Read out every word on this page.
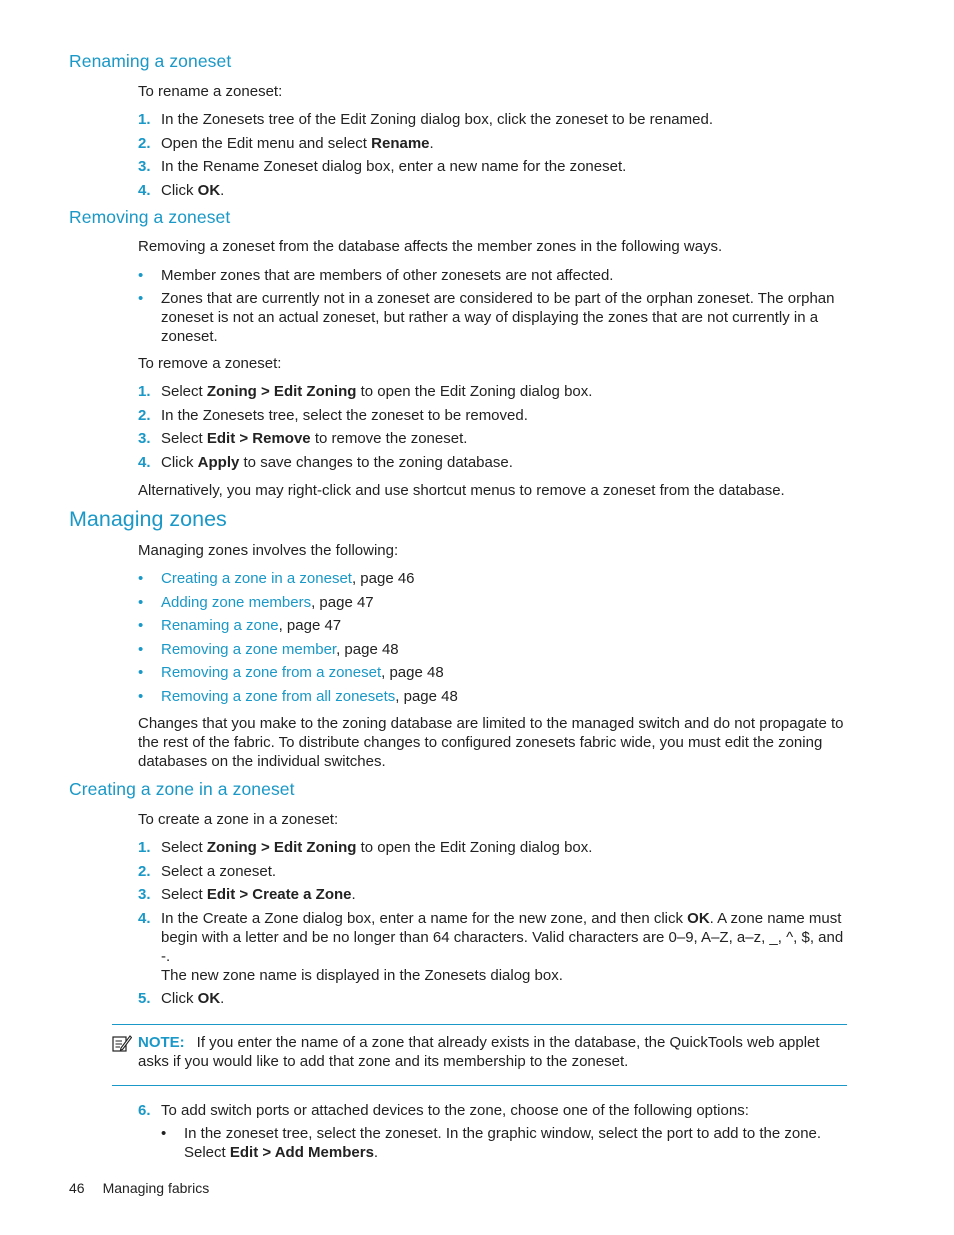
Renaming a zoneset

To rename a zoneset:

1. In the Zonesets tree of the Edit Zoning dialog box, click the zoneset to be renamed.
2. Open the Edit menu and select Rename.
3. In the Rename Zoneset dialog box, enter a new name for the zoneset.
4. Click OK.
Removing a zoneset

Removing a zoneset from the database affects the member zones in the following ways.

• Member zones that are members of other zonesets are not affected.
• Zones that are currently not in a zoneset are considered to be part of the orphan zoneset. The orphan zoneset is not an actual zoneset, but rather a way of displaying the zones that are not currently in a zoneset.

To remove a zoneset:

1. Select Zoning > Edit Zoning to open the Edit Zoning dialog box.
2. In the Zonesets tree, select the zoneset to be removed.
3. Select Edit > Remove to remove the zoneset.
4. Click Apply to save changes to the zoning database.

Alternatively, you may right-click and use shortcut menus to remove a zoneset from the database.

Managing zones

Managing zones involves the following:

• Creating a zone in a zoneset, page 46
• Adding zone members, page 47
• Renaming a zone, page 47
• Removing a zone member, page 48
• Removing a zone from a zoneset, page 48
• Removing a zone from all zonesets, page 48

Changes that you make to the zoning database are limited to the managed switch and do not propagate to the rest of the fabric. To distribute changes to configured zonesets fabric wide, you must edit the zoning databases on the individual switches.

Creating a zone in a zoneset

To create a zone in a zoneset:

1. Select Zoning > Edit Zoning to open the Edit Zoning dialog box.
2. Select a zoneset.
3. Select Edit > Create a Zone.
4. In the Create a Zone dialog box, enter a name for the new zone, and then click OK. A zone name must begin with a letter and be no longer than 64 characters. Valid characters are 0–9, A–Z, a–z, _, ^, $, and -.
The new zone name is displayed in the Zonesets dialog box.
5. Click OK.
NOTE: If you enter the name of a zone that already exists in the database, the QuickTools web applet asks if you would like to add that zone and its membership to the zoneset.
6. To add switch ports or attached devices to the zone, choose one of the following options:
• In the zoneset tree, select the zoneset. In the graphic window, select the port to add to the zone. Select Edit > Add Members.
46 Managing fabrics
